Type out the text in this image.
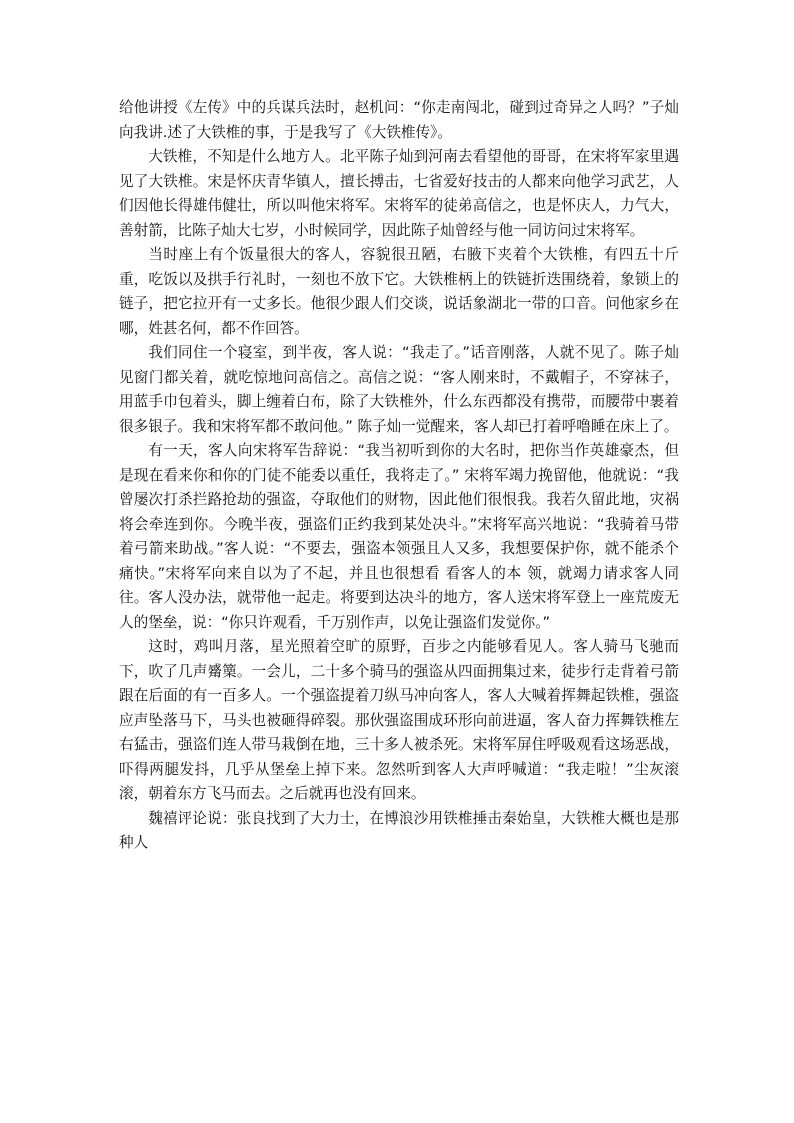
给他讲授《左传》中的兵谋兵法时，赵机问：“你走南闯北，碰到过奇异之人吗？”子灿向我讲.述了大铁椎的事，于是我写了《大铁椎传》。

大铁椎，不知是什么地方人。北平陈子灿到河南去看望他的哥哥，在宋将军家里遇见了大铁椎。宋是怀庆青华镇人，擅长搏击，七省爱好技击的人都来向他学习武艺，人们因他长得雄伟健壮，所以叫他宋将军。宋将军的徒弟高信之，也是怀庆人，力气大，善射箭，比陈子灿大七岁，小时候同学，因此陈子灿曾经与他一同访问过宋将军。

当时座上有个饭量很大的客人，容貌很丑陋，右腋下夹着个大铁椎，有四五十斤重，吃饭以及拱手行礼时，一刻也不放下它。大铁椎柄上的铁链折迭围绕着，象锁上的链子，把它拉开有一丈多长。他很少跟人们交谈，说话象湖北一带的口音。问他家乡在哪，姓甚名何，都不作回答。

我们同住一个寝室，到半夜，客人说：“我走了。”话音刚落，人就不见了。陈子灿见窗门都关着，就吃惊地问高信之。高信之说：“客人刚来时，不戴帽子，不穿袜子，用蓝手巾包着头，脚上缠着白布，除了大铁椎外，什么东西都没有携带，而腰带中裹着很多银子。我和宋将军都不敢问他。” 陈子灿一觉醒来，客人却已打着呼噜睡在床上了。

有一天，客人向宋将军告辞说：“我当初听到你的大名时，把你当作英雄豪杰，但是现在看来你和你的门徒不能委以重任，我将走了。” 宋将军竭力挽留他，他就说：“我曾屡次打杀拦路抢劫的强盗，夺取他们的财物，因此他们很恨我。我若久留此地，灾祸将会牵连到你。今晚半夜，强盗们正约我到某处决斗。”宋将军高兴地说：“我骑着马带着弓箭来助战。”客人说：“不要去，强盗本领强且人又多，我想要保护你，就不能杀个痛快。”宋将军向来自以为了不起，并且也很想看 看客人的本 领，就竭力请求客人同往。客人没办法，就带他一起走。将要到达决斗的地方，客人送宋将军登上一座荒废无人的堡垒，说：“你只许观看，千万别作声，以免让强盗们发觉你。”

这时，鸡叫月落，星光照着空旷的原野，百步之内能够看见人。客人骑马飞驰而下，吹了几声觱篥。一会儿，二十多个骑马的强盗从四面拥集过来，徒步行走背着弓箭跟在后面的有一百多人。一个强盗提着刀纵马冲向客人，客人大喊着挥舞起铁椎，强盗应声坠落马下，马头也被砸得碎裂。那伙强盗围成环形向前进逼，客人奋力挥舞铁椎左右猛击，强盗们连人带马栽倒在地，三十多人被杀死。宋将军屏住呼吸观看这场恶战，吓得两腿发抖，几乎从堡垒上掉下来。忽然听到客人大声呼喊道：“我走啦！”尘灰滚滚，朝着东方飞马而去。之后就再也没有回来。

魏禧评论说：张良找到了大力士，在博浪沙用铁椎捶击秦始皇，大铁椎大概也是那种人
